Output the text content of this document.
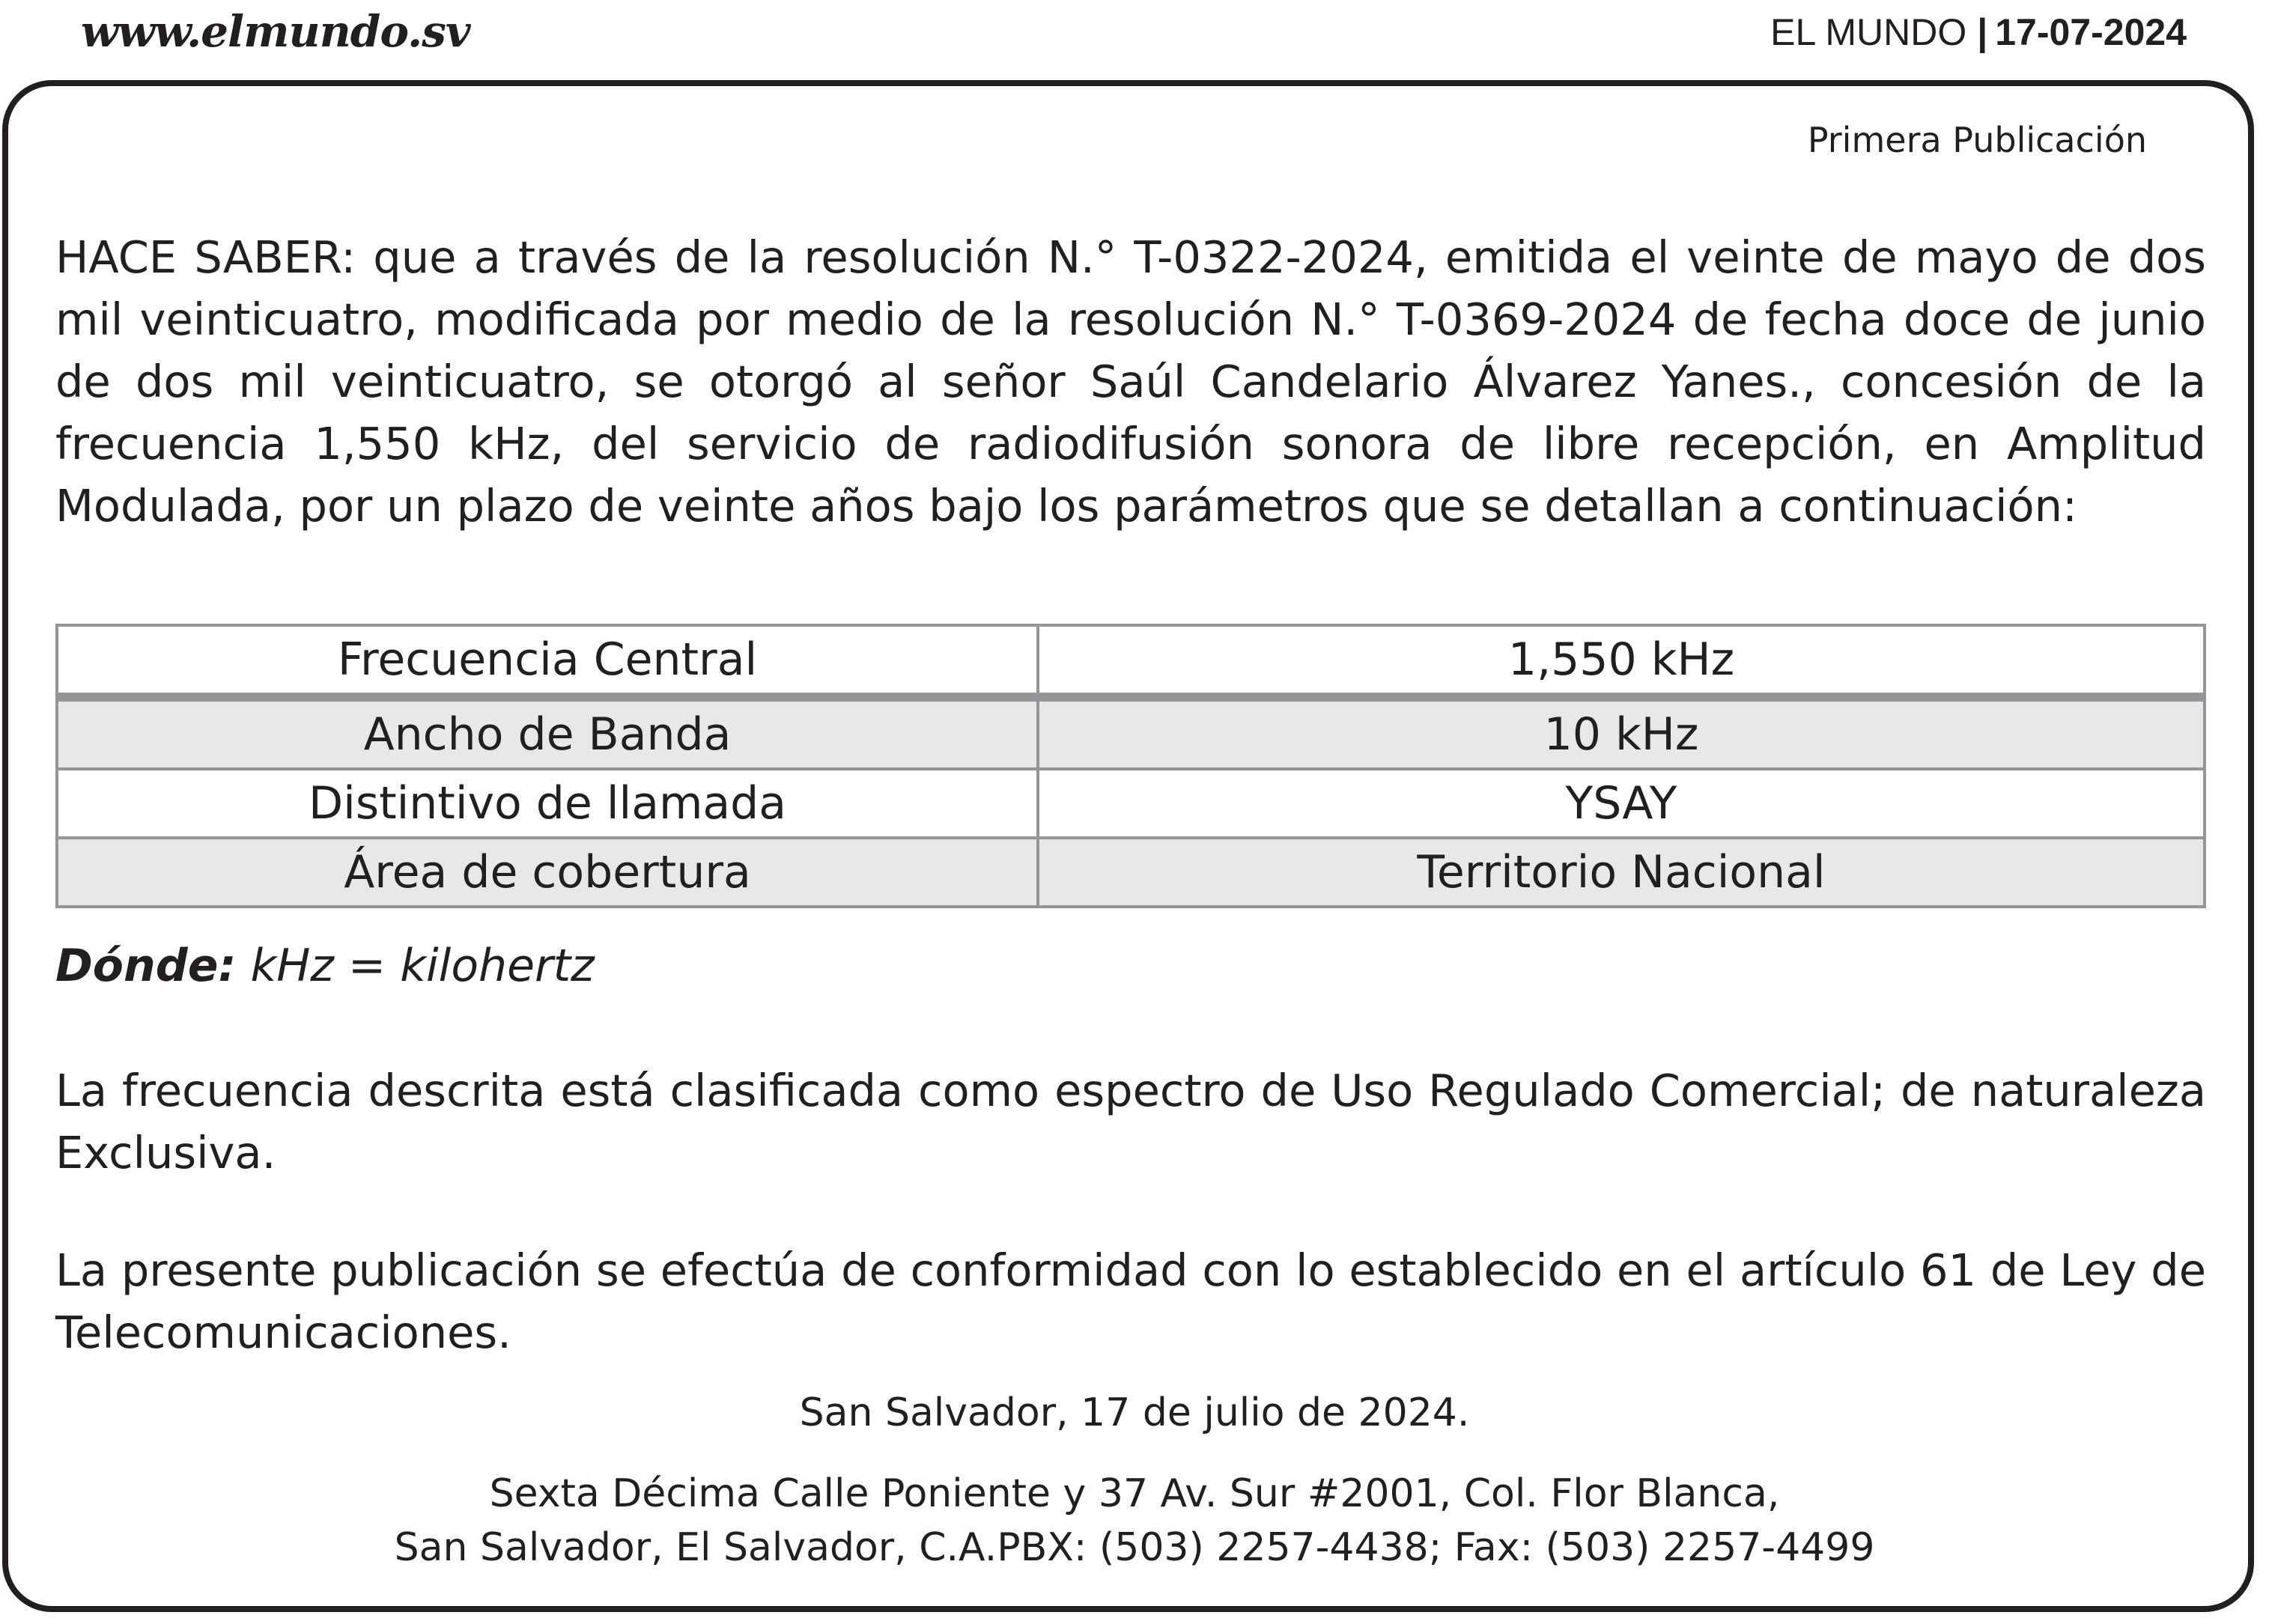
www.elmundo.sv	EL MUNDO | 17-07-2024
Primera Publicación

HACE SABER: que a través de la resolución N.° T-0322-2024, emitida el veinte de mayo de dos mil veinticuatro, modificada por medio de la resolución N.° T-0369-2024 de fecha doce de junio de dos mil veinticuatro, se otorgó al señor Saúl Candelario Álvarez Yanes., concesión de la frecuencia 1,550 kHz, del servicio de radiodifusión sonora de libre recepción, en Amplitud Modulada, por un plazo de veinte años bajo los parámetros que se detallan a continuación:

Frecuencia Central	1,550 kHz
Ancho de Banda	10 kHz
Distintivo de llamada	YSAY
Área de cobertura	Territorio Nacional
Dónde: kHz = kilohertz

La frecuencia descrita está clasificada como espectro de Uso Regulado Comercial; de naturaleza Exclusiva.

La presente publicación se efectúa de conformidad con lo establecido en el artículo 61 de Ley de Telecomunicaciones.

San Salvador, 17 de julio de 2024.
Sexta Décima Calle Poniente y 37 Av. Sur #2001, Col. Flor Blanca,
San Salvador, El Salvador, C.A.PBX: (503) 2257-4438; Fax: (503) 2257-4499
